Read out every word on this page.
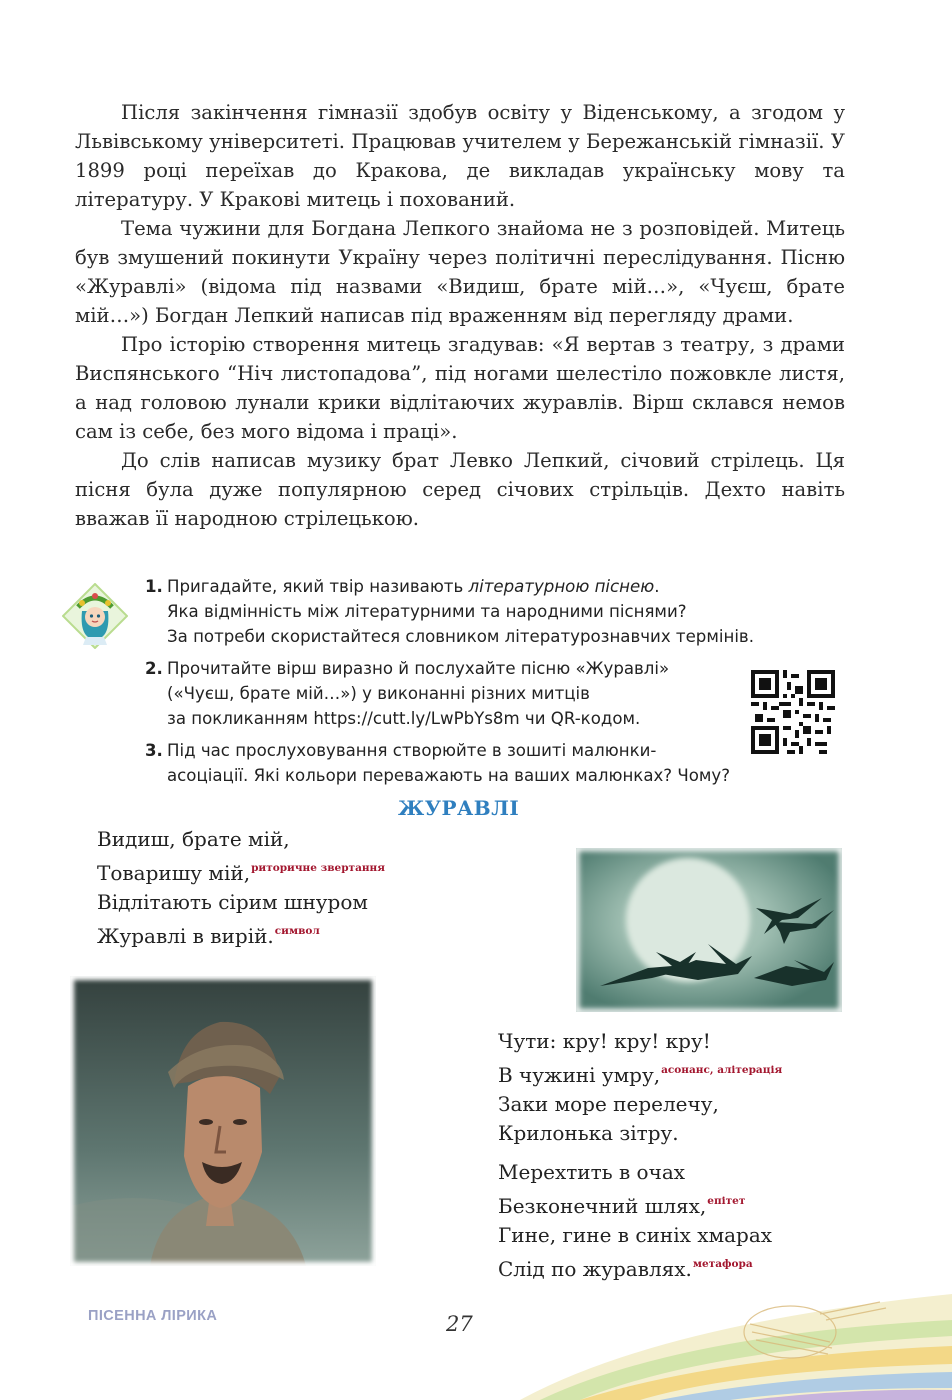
Після закінчення гімназії здобув освіту у Віденському, а згодом у Львівському університеті. Працював учителем у Бережанській гімназії. У 1899 році переїхав до Кракова, де викладав українську мову та літературу. У Кракові митець і похований.

Тема чужини для Богдана Лепкого знайома не з розповідей. Митець був змушений покинути Україну через політичні переслідування. Пісню «Журавлі» (відома під назвами «Видиш, брате мій…», «Чуєш, брате мій…») Богдан Лепкий написав під враженням від перегляду драми.

Про історію створення митець згадував: «Я вертав з театру, з драми Виспянського “Ніч листопадова”, під ногами шелестіло пожовкле листя, а над головою лунали крики відлітаючих журавлів. Вірш склався немов сам із себе, без мого відома і праці».

До слів написав музику брат Левко Лепкий, січовий стрілець. Ця пісня була дуже популярною серед січових стрільців. Дехто навіть вважав її народною стрілецькою.

1. Пригадайте, який твір називають літературною піснею.
Яка відмінність між літературними та народними піснями?
За потреби скористайтеся словником літературознавчих термінів.
2. Прочитайте вірш виразно й послухайте пісню «Журавлі»
(«Чуєш, брате мій…») у виконанні різних митців
за покликанням https://cutt.ly/LwPbYs8m чи QR-кодом.
3. Під час прослуховування створюйте в зошиті малюнки-
асоціації. Які кольори переважають на ваших малюнках? Чому?
ЖУРАВЛІ
Видиш, брате мій,
Товаришу мій,$^{риторичне звертання}$
Відлітають сірим шнуром
Журавлі в вирій.$^{символ}$
Чути: кру! кру! кру!
В чужині умру,$^{асонанс, алітерація}$
Заки море перелечу,
Крилонька зітру.
Мерехтить в очах
Безконечний шлях,$^{епітет}$
Гине, гине в синіх хмарах
Слід по журавлях.$^{метафора}$
ПІСЕННА ЛІРИКА	27
